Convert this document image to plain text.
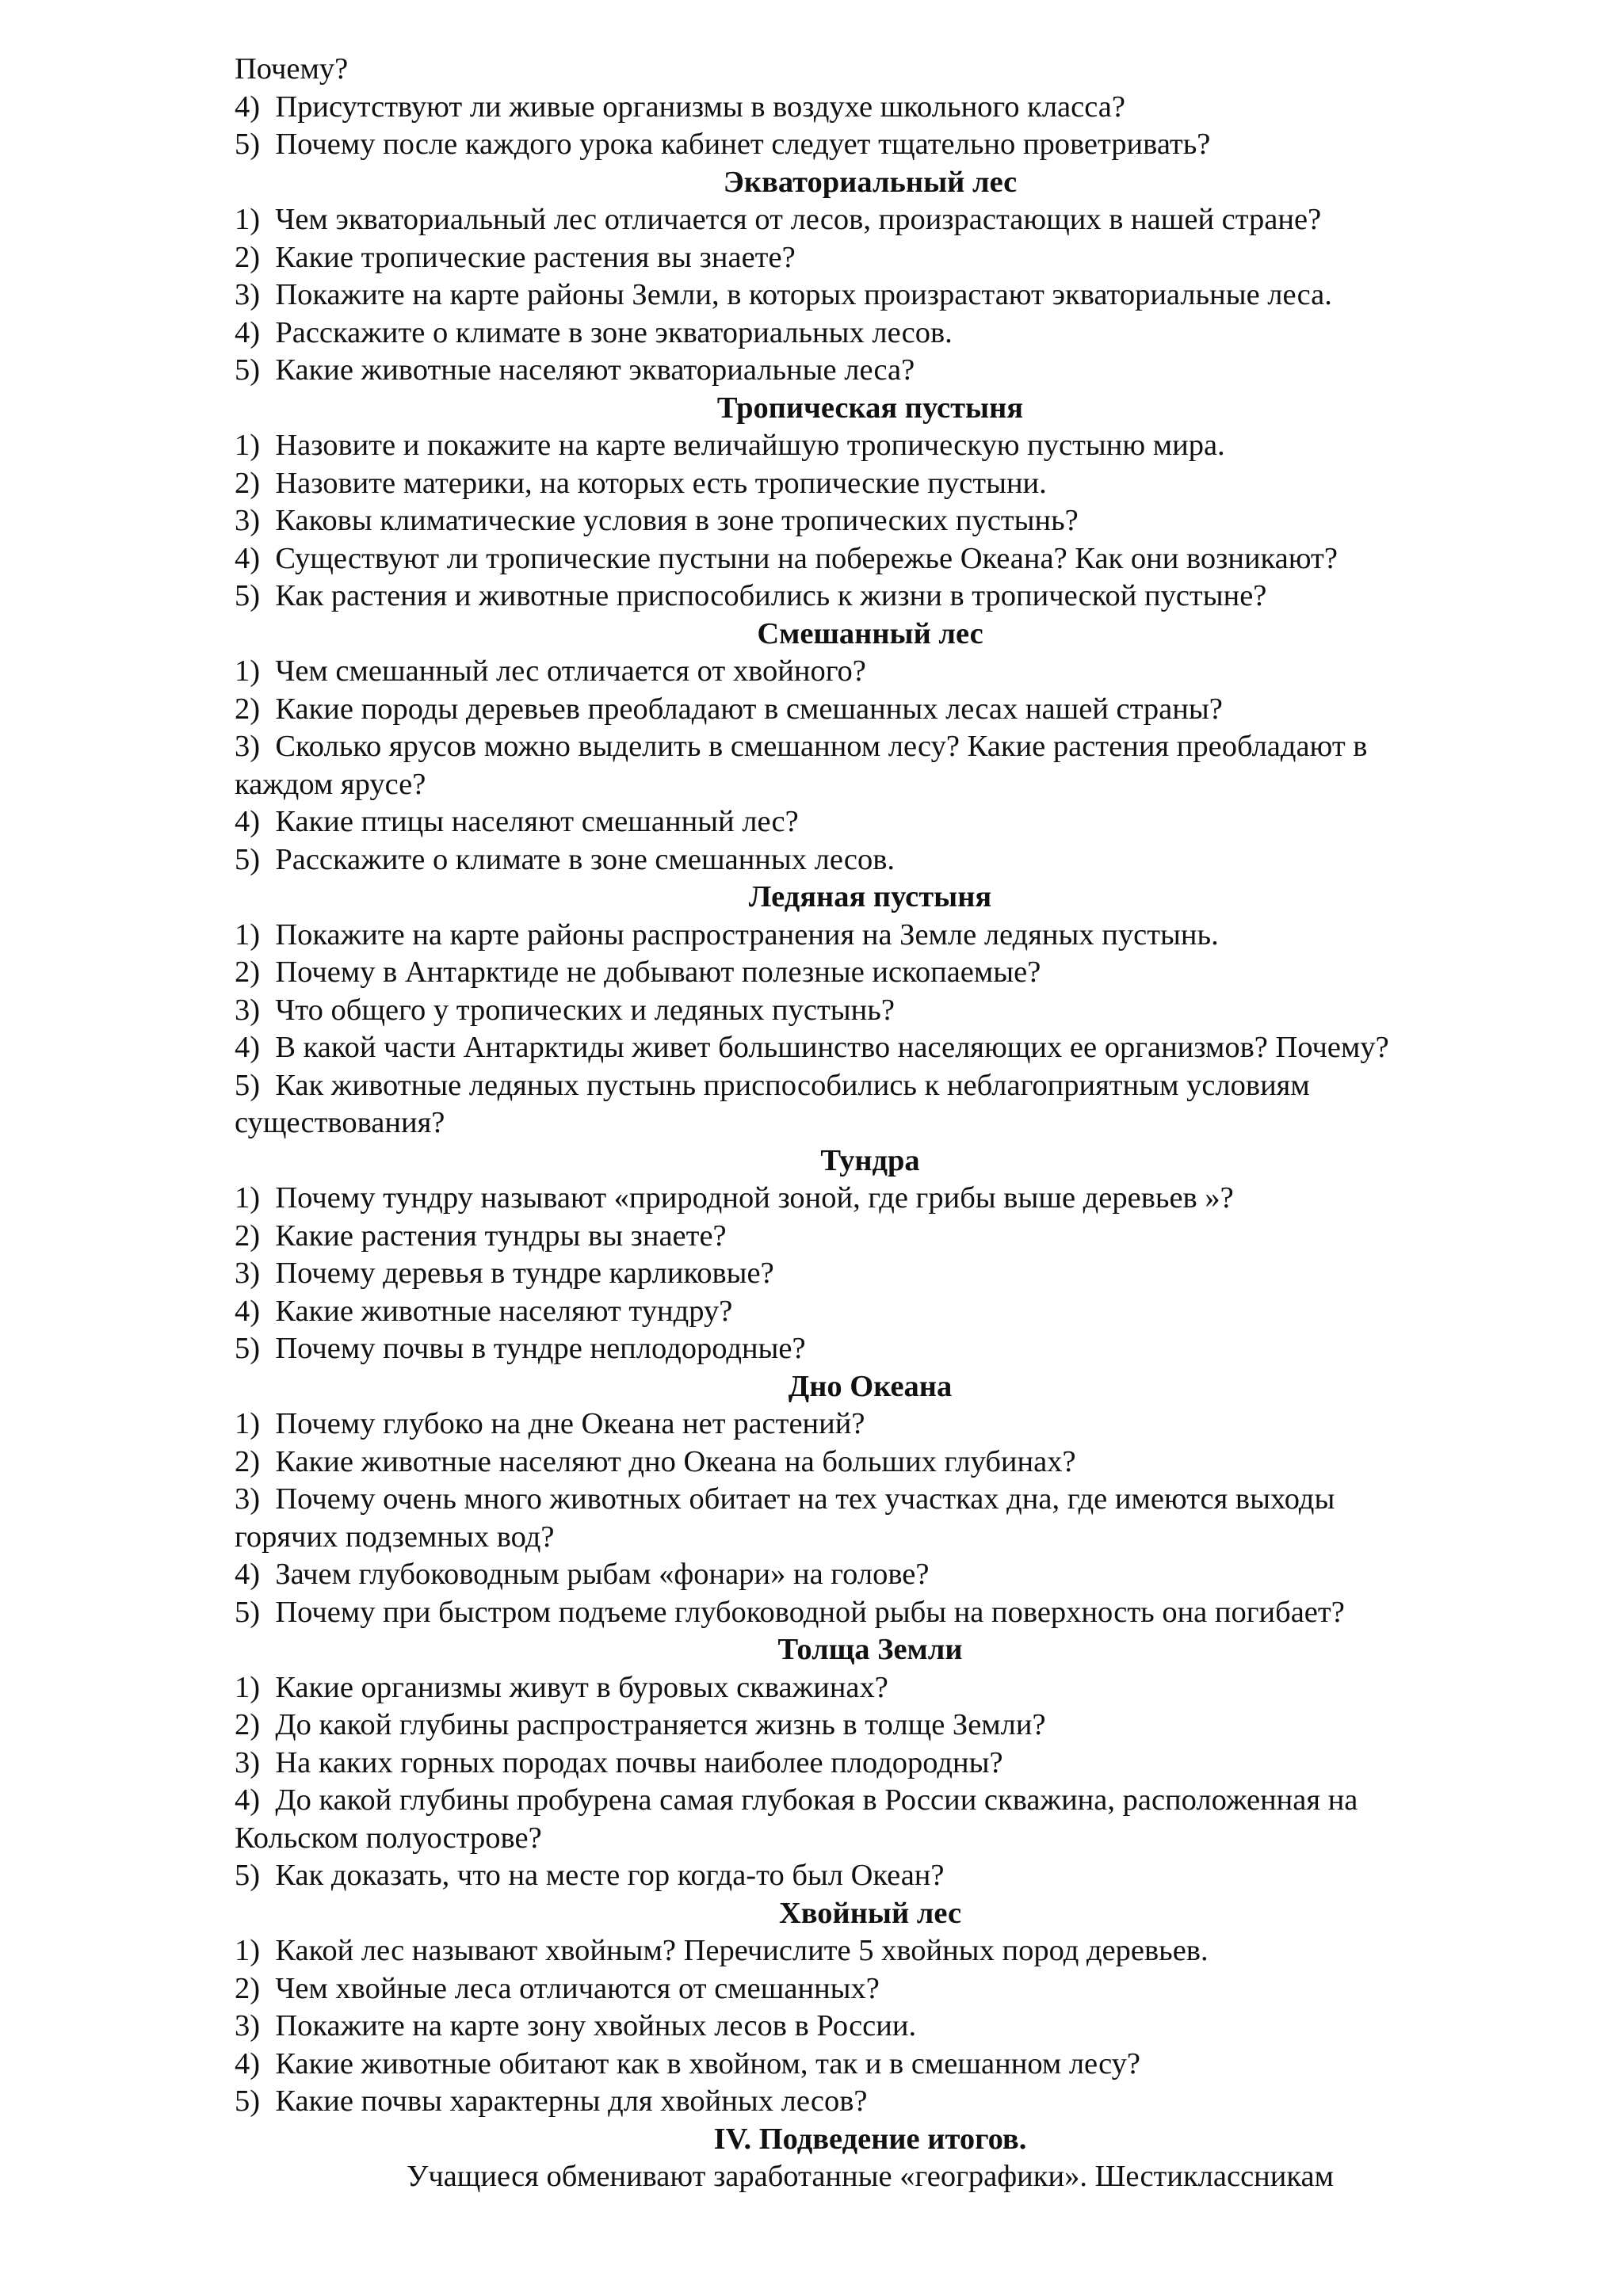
Почему?
4)  Присутствуют ли живые организмы в воздухе школьного класса?
5)  Почему после каждого урока кабинет следует тщательно проветривать?
Экваториальный лес
1)  Чем экваториальный лес отличается от лесов, произрастающих в нашей стране?
2)  Какие тропические растения вы знаете?
3)  Покажите на карте районы Земли, в которых произрастают экваториальные леса.
4)  Расскажите о климате в зоне экваториальных лесов.
5)  Какие животные населяют экваториальные леса?
Тропическая пустыня
1)  Назовите и покажите на карте величайшую тропическую пустыню мира.
2)  Назовите материки, на которых есть тропические пустыни.
3)  Каковы климатические условия в зоне тропических пустынь?
4)  Существуют ли тропические пустыни на побережье Океана? Как они возникают?
5)  Как растения и животные приспособились к жизни в тропической пустыне?
Смешанный лес
1)  Чем смешанный лес отличается от хвойного?
2)  Какие породы деревьев преобладают в смешанных лесах нашей страны?
3)  Сколько ярусов можно выделить в смешанном лесу? Какие растения преобладают в
каждом ярусе?
4)  Какие птицы населяют смешанный лес?
5)  Расскажите о климате в зоне смешанных лесов.
Ледяная пустыня
1)  Покажите на карте районы распространения на Земле ледяных пустынь.
2)  Почему в Антарктиде не добывают полезные ископаемые?
3)  Что общего у тропических и ледяных пустынь?
4)  В какой части Антарктиды живет большинство населяющих ее организмов? Почему?
5)  Как животные ледяных пустынь приспособились к неблагоприятным условиям
существования?
Тундра
1)  Почему тундру называют «природной зоной, где грибы выше деревьев »?
2)  Какие растения тундры вы знаете?
3)  Почему деревья в тундре карликовые?
4)  Какие животные населяют тундру?
5)  Почему почвы в тундре неплодородные?
Дно Океана
1)  Почему глубоко на дне Океана нет растений?
2)  Какие животные населяют дно Океана на больших глубинах?
3)  Почему очень много животных обитает на тех участках дна, где имеются выходы
горячих подземных вод?
4)  Зачем глубоководным рыбам «фонари» на голове?
5)  Почему при быстром подъеме глубоководной рыбы на поверхность она погибает?
Толща Земли
1)  Какие организмы живут в буровых скважинах?
2)  До какой глубины распространяется жизнь в толще Земли?
3)  На каких горных породах почвы наиболее плодородны?
4)  До какой глубины пробурена самая глубокая в России скважина, расположенная на
Кольском полуострове?
5)  Как доказать, что на месте гор когда-то был Океан?
Хвойный лес
1)  Какой лес называют хвойным? Перечислите 5 хвойных пород деревьев.
2)  Чем хвойные леса отличаются от смешанных?
3)  Покажите на карте зону хвойных лесов в России.
4)  Какие животные обитают как в хвойном, так и в смешанном лесу?
5)  Какие почвы характерны для хвойных лесов?
IV. Подведение итогов.
Учащиеся обменивают заработанные «географики». Шестиклассникам
